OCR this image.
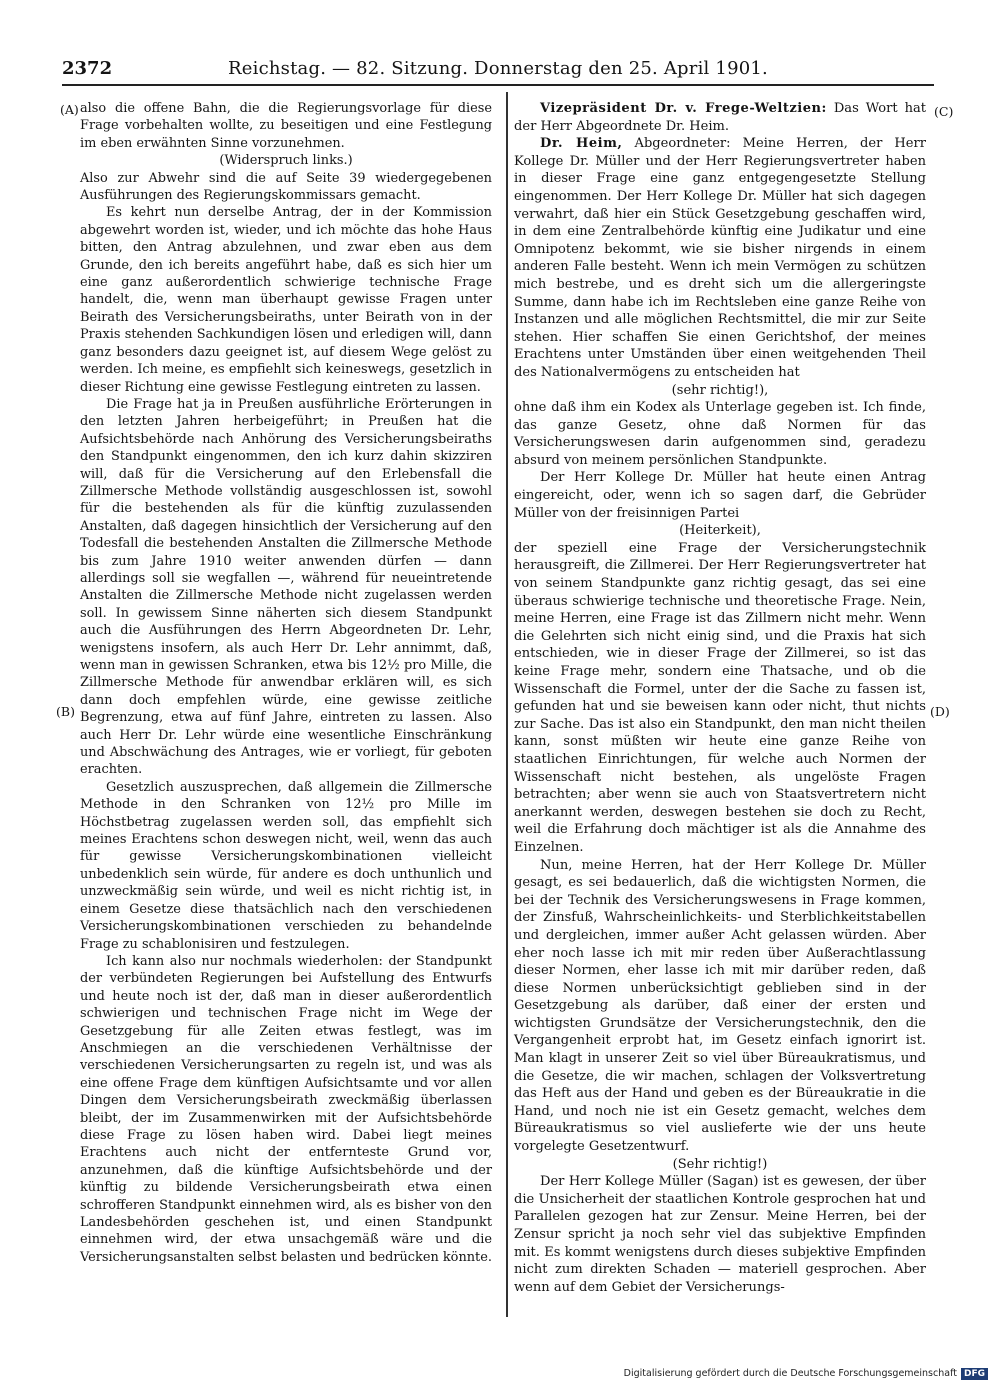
2372	Reichstag. — 82. Sitzung. Donnerstag den 25. April 1901.
(A)
(B)
(C)
(D)

also die offene Bahn, die die Regierungsvorlage für diese Frage vorbehalten wollte, zu beseitigen und eine Festlegung im eben erwähnten Sinne vorzunehmen.

(Widerspruch links.)

Also zur Abwehr sind die auf Seite 39 wiedergegebenen Ausführungen des Regierungskommissars gemacht.

Es kehrt nun derselbe Antrag, der in der Kommission abgewehrt worden ist, wieder, und ich möchte das hohe Haus bitten, den Antrag abzulehnen, und zwar eben aus dem Grunde, den ich bereits angeführt habe, daß es sich hier um eine ganz außerordentlich schwierige technische Frage handelt, die, wenn man überhaupt gewisse Fragen unter Beirath des Versicherungsbeiraths, unter Beirath von in der Praxis stehenden Sachkundigen lösen und erledigen will, dann ganz besonders dazu geeignet ist, auf diesem Wege gelöst zu werden. Ich meine, es empfiehlt sich keineswegs, gesetzlich in dieser Richtung eine gewisse Festlegung eintreten zu lassen.

Die Frage hat ja in Preußen ausführliche Erörterungen in den letzten Jahren herbeigeführt; in Preußen hat die Aufsichtsbehörde nach Anhörung des Versicherungsbeiraths den Standpunkt eingenommen, den ich kurz dahin skizziren will, daß für die Versicherung auf den Erlebensfall die Zillmersche Methode vollständig ausgeschlossen ist, sowohl für die bestehenden als für die künftig zuzulassenden Anstalten, daß dagegen hinsichtlich der Versicherung auf den Todesfall die bestehenden Anstalten die Zillmersche Methode bis zum Jahre 1910 weiter anwenden dürfen — dann allerdings soll sie wegfallen —, während für neueintretende Anstalten die Zillmersche Methode nicht zugelassen werden soll. In gewissem Sinne näherten sich diesem Standpunkt auch die Ausführungen des Herrn Abgeordneten Dr. Lehr, wenigstens insofern, als auch Herr Dr. Lehr annimmt, daß, wenn man in gewissen Schranken, etwa bis 12½ pro Mille, die Zillmersche Methode für anwendbar erklären will, es sich dann doch empfehlen würde, eine gewisse zeitliche Begrenzung, etwa auf fünf Jahre, eintreten zu lassen. Also auch Herr Dr. Lehr würde eine wesentliche Einschränkung und Abschwächung des Antrages, wie er vorliegt, für geboten erachten.

Gesetzlich auszusprechen, daß allgemein die Zillmersche Methode in den Schranken von 12½ pro Mille im Höchstbetrag zugelassen werden soll, das empfiehlt sich meines Erachtens schon deswegen nicht, weil, wenn das auch für gewisse Versicherungskombinationen vielleicht unbedenklich sein würde, für andere es doch unthunlich und unzweckmäßig sein würde, und weil es nicht richtig ist, in einem Gesetze diese thatsächlich nach den verschiedenen Versicherungskombinationen verschieden zu behandelnde Frage zu schablonisiren und festzulegen.

Ich kann also nur nochmals wiederholen: der Standpunkt der verbündeten Regierungen bei Aufstellung des Entwurfs und heute noch ist der, daß man in dieser außerordentlich schwierigen und technischen Frage nicht im Wege der Gesetzgebung für alle Zeiten etwas festlegt, was im Anschmiegen an die verschiedenen Verhältnisse der verschiedenen Versicherungsarten zu regeln ist, und was als eine offene Frage dem künftigen Aufsichtsamte und vor allen Dingen dem Versicherungsbeirath zweckmäßig überlassen bleibt, der im Zusammenwirken mit der Aufsichtsbehörde diese Frage zu lösen haben wird. Dabei liegt meines Erachtens auch nicht der entfernteste Grund vor, anzunehmen, daß die künftige Aufsichtsbehörde und der künftig zu bildende Versicherungsbeirath etwa einen schrofferen Standpunkt einnehmen wird, als es bisher von den Landesbehörden geschehen ist, und einen Standpunkt einnehmen wird, der etwa unsachgemäß wäre und die Versicherungsanstalten selbst belasten und bedrücken könnte.

Vizepräsident Dr. v. Frege-Weltzien: Das Wort hat der Herr Abgeordnete Dr. Heim.

Dr. Heim, Abgeordneter: Meine Herren, der Herr Kollege Dr. Müller und der Herr Regierungsvertreter haben in dieser Frage eine ganz entgegengesetzte Stellung eingenommen. Der Herr Kollege Dr. Müller hat sich dagegen verwahrt, daß hier ein Stück Gesetzgebung geschaffen wird, in dem eine Zentralbehörde künftig eine Judikatur und eine Omnipotenz bekommt, wie sie bisher nirgends in einem anderen Falle besteht. Wenn ich mein Vermögen zu schützen mich bestrebe, und es dreht sich um die allergeringste Summe, dann habe ich im Rechtsleben eine ganze Reihe von Instanzen und alle möglichen Rechtsmittel, die mir zur Seite stehen. Hier schaffen Sie einen Gerichtshof, der meines Erachtens unter Umständen über einen weitgehenden Theil des Nationalvermögens zu entscheiden hat

(sehr richtig!),

ohne daß ihm ein Kodex als Unterlage gegeben ist. Ich finde, das ganze Gesetz, ohne daß Normen für das Versicherungswesen darin aufgenommen sind, geradezu absurd von meinem persönlichen Standpunkte.

Der Herr Kollege Dr. Müller hat heute einen Antrag eingereicht, oder, wenn ich so sagen darf, die Gebrüder Müller von der freisinnigen Partei

(Heiterkeit),

der speziell eine Frage der Versicherungstechnik herausgreift, die Zillmerei. Der Herr Regierungsvertreter hat von seinem Standpunkte ganz richtig gesagt, das sei eine überaus schwierige technische und theoretische Frage. Nein, meine Herren, eine Frage ist das Zillmern nicht mehr. Wenn die Gelehrten sich nicht einig sind, und die Praxis hat sich entschieden, wie in dieser Frage der Zillmerei, so ist das keine Frage mehr, sondern eine Thatsache, und ob die Wissenschaft die Formel, unter der die Sache zu fassen ist, gefunden hat und sie beweisen kann oder nicht, thut nichts zur Sache. Das ist also ein Standpunkt, den man nicht theilen kann, sonst müßten wir heute eine ganze Reihe von staatlichen Einrichtungen, für welche auch Normen der Wissenschaft nicht bestehen, als ungelöste Fragen betrachten; aber wenn sie auch von Staatsvertretern nicht anerkannt werden, deswegen bestehen sie doch zu Recht, weil die Erfahrung doch mächtiger ist als die Annahme des Einzelnen.

Nun, meine Herren, hat der Herr Kollege Dr. Müller gesagt, es sei bedauerlich, daß die wichtigsten Normen, die bei der Technik des Versicherungswesens in Frage kommen, der Zinsfuß, Wahrscheinlichkeits- und Sterblichkeitstabellen und dergleichen, immer außer Acht gelassen würden. Aber eher noch lasse ich mit mir reden über Außerachtlassung dieser Normen, eher lasse ich mit mir darüber reden, daß diese Normen unberücksichtigt geblieben sind in der Gesetzgebung als darüber, daß einer der ersten und wichtigsten Grundsätze der Versicherungstechnik, den die Vergangenheit erprobt hat, im Gesetz einfach ignorirt ist. Man klagt in unserer Zeit so viel über Büreaukratismus, und die Gesetze, die wir machen, schlagen der Volksvertretung das Heft aus der Hand und geben es der Büreaukratie in die Hand, und noch nie ist ein Gesetz gemacht, welches dem Büreaukratismus so viel auslieferte wie der uns heute vorgelegte Gesetzentwurf.

(Sehr richtig!)

Der Herr Kollege Müller (Sagan) ist es gewesen, der über die Unsicherheit der staatlichen Kontrole gesprochen hat und Parallelen gezogen hat zur Zensur. Meine Herren, bei der Zensur spricht ja noch sehr viel das subjektive Empfinden mit. Es kommt wenigstens durch dieses subjektive Empfinden nicht zum direkten Schaden — materiell gesprochen. Aber wenn auf dem Gebiet der Versicherungs-

Digitalisierung gefördert durch die Deutsche Forschungsgemeinschaft DFG
